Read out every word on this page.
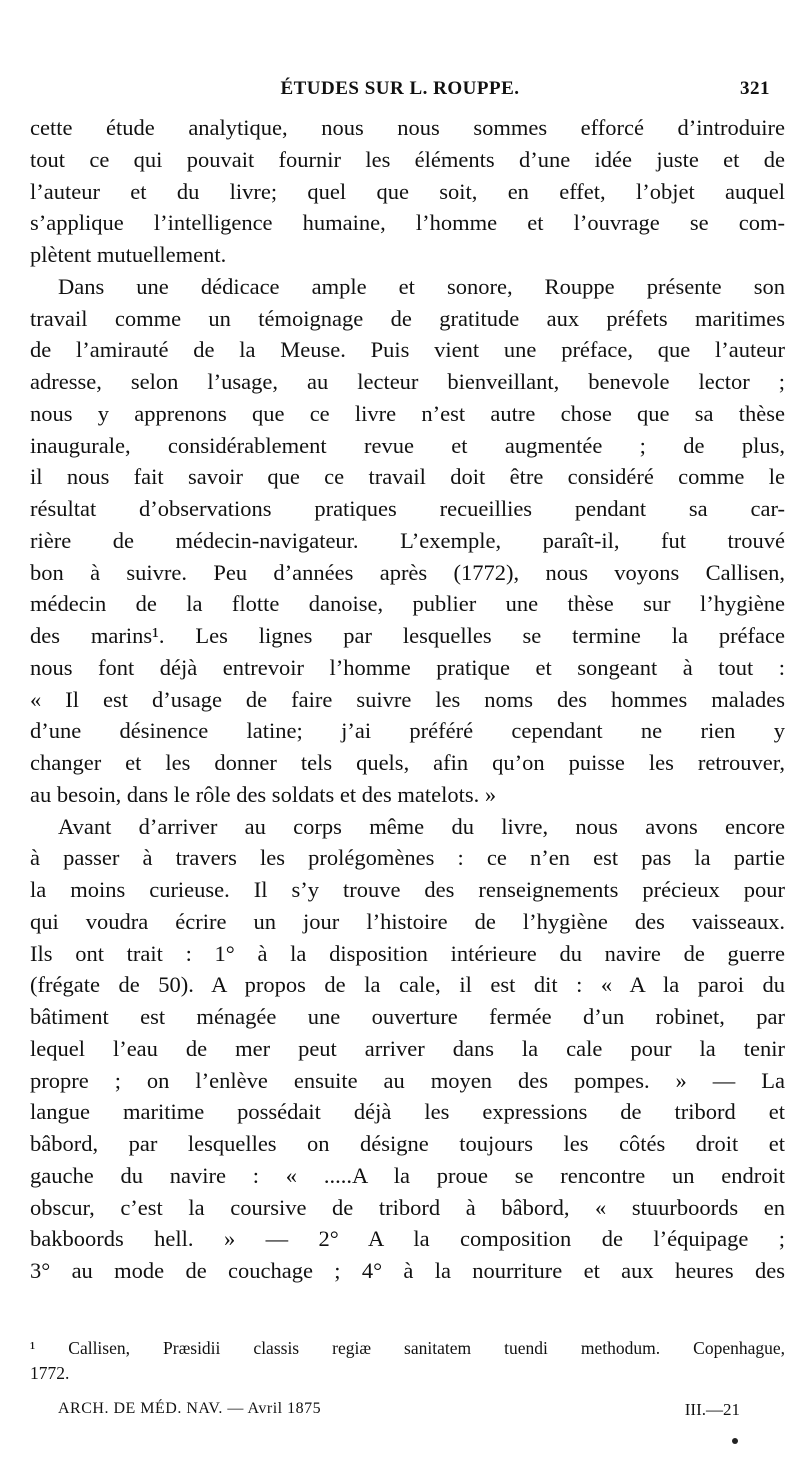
ÉTUDES SUR L. ROUPPE.	321
cette étude analytique, nous nous sommes efforcé d’introduire
tout ce qui pouvait fournir les éléments d’une idée juste et de
l’auteur et du livre; quel que soit, en effet, l’objet auquel
s’applique l’intelligence humaine, l’homme et l’ouvrage se com-
plètent mutuellement.
Dans une dédicace ample et sonore, Rouppe présente son
travail comme un témoignage de gratitude aux préfets maritimes
de l’amirauté de la Meuse. Puis vient une préface, que l’auteur
adresse, selon l’usage, au lecteur bienveillant, benevole lector ;
nous y apprenons que ce livre n’est autre chose que sa thèse
inaugurale, considérablement revue et augmentée ; de plus,
il nous fait savoir que ce travail doit être considéré comme le
résultat d’observations pratiques recueillies pendant sa car-
rière de médecin-navigateur. L’exemple, paraît-il, fut trouvé
bon à suivre. Peu d’années après (1772), nous voyons Callisen,
médecin de la flotte danoise, publier une thèse sur l’hygiène
des marins¹. Les lignes par lesquelles se termine la préface
nous font déjà entrevoir l’homme pratique et songeant à tout :
« Il est d’usage de faire suivre les noms des hommes malades
d’une désinence latine; j’ai préféré cependant ne rien y
changer et les donner tels quels, afin qu’on puisse les retrouver,
au besoin, dans le rôle des soldats et des matelots. »
Avant d’arriver au corps même du livre, nous avons encore
à passer à travers les prolégomènes : ce n’en est pas la partie
la moins curieuse. Il s’y trouve des renseignements précieux pour
qui voudra écrire un jour l’histoire de l’hygiène des vaisseaux.
Ils ont trait : 1° à la disposition intérieure du navire de guerre
(frégate de 50). A propos de la cale, il est dit : « A la paroi du
bâtiment est ménagée une ouverture fermée d’un robinet, par
lequel l’eau de mer peut arriver dans la cale pour la tenir
propre ; on l’enlève ensuite au moyen des pompes. » — La
langue maritime possédait déjà les expressions de tribord et
bâbord, par lesquelles on désigne toujours les côtés droit et
gauche du navire : « .....A la proue se rencontre un endroit
obscur, c’est la coursive de tribord à bâbord, « stuurboords en
bakboords hell. » — 2° A la composition de l’équipage ;
3° au mode de couchage ; 4° à la nourriture et aux heures des
¹ Callisen, Præsidii classis regiæ sanitatem tuendi methodum. Copenhague,
1772.
ARCH. DE MÉD. NAV. — Avril 1875	III.—21
